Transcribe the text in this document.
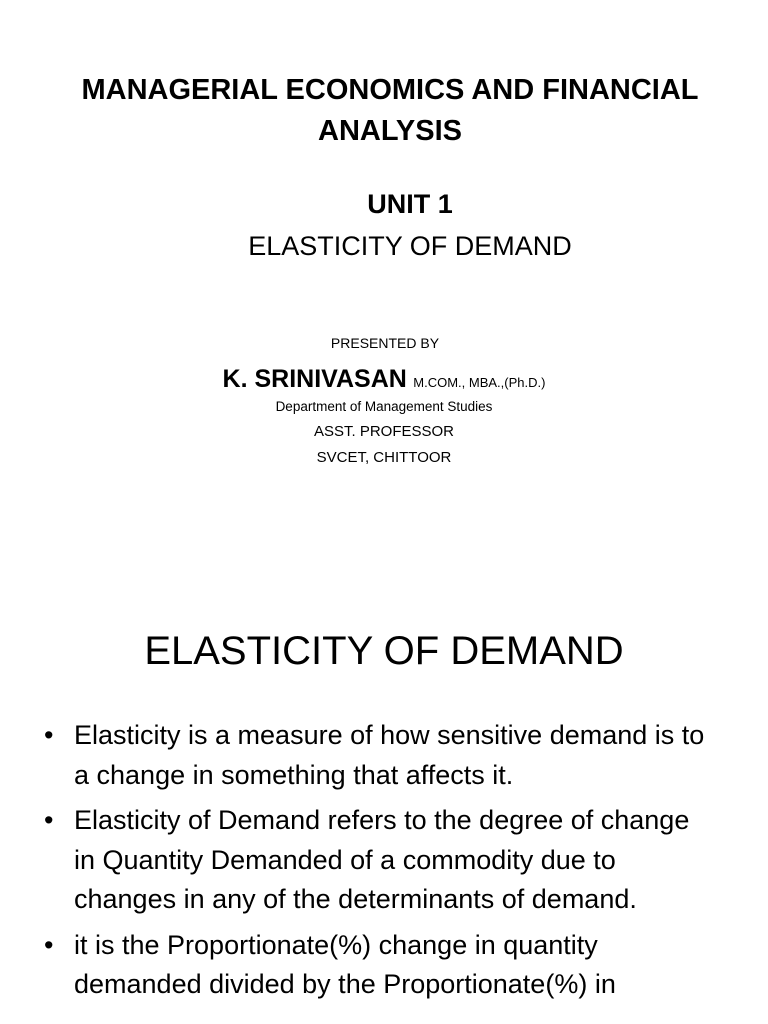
MANAGERIAL ECONOMICS AND FINANCIAL ANALYSIS
UNIT 1
ELASTICITY OF DEMAND
PRESENTED BY
K. SRINIVASAN M.COM., MBA.,(Ph.D.)
Department of Management Studies
ASST. PROFESSOR
SVCET, CHITTOOR
ELASTICITY OF DEMAND
• Elasticity is a measure of how sensitive demand is to a change in something that affects it.
• Elasticity of Demand refers to the degree of change in Quantity Demanded of a commodity due to changes in any of the determinants of demand.
• it is the Proportionate(%) change in quantity demanded divided by the Proportionate(%) in
